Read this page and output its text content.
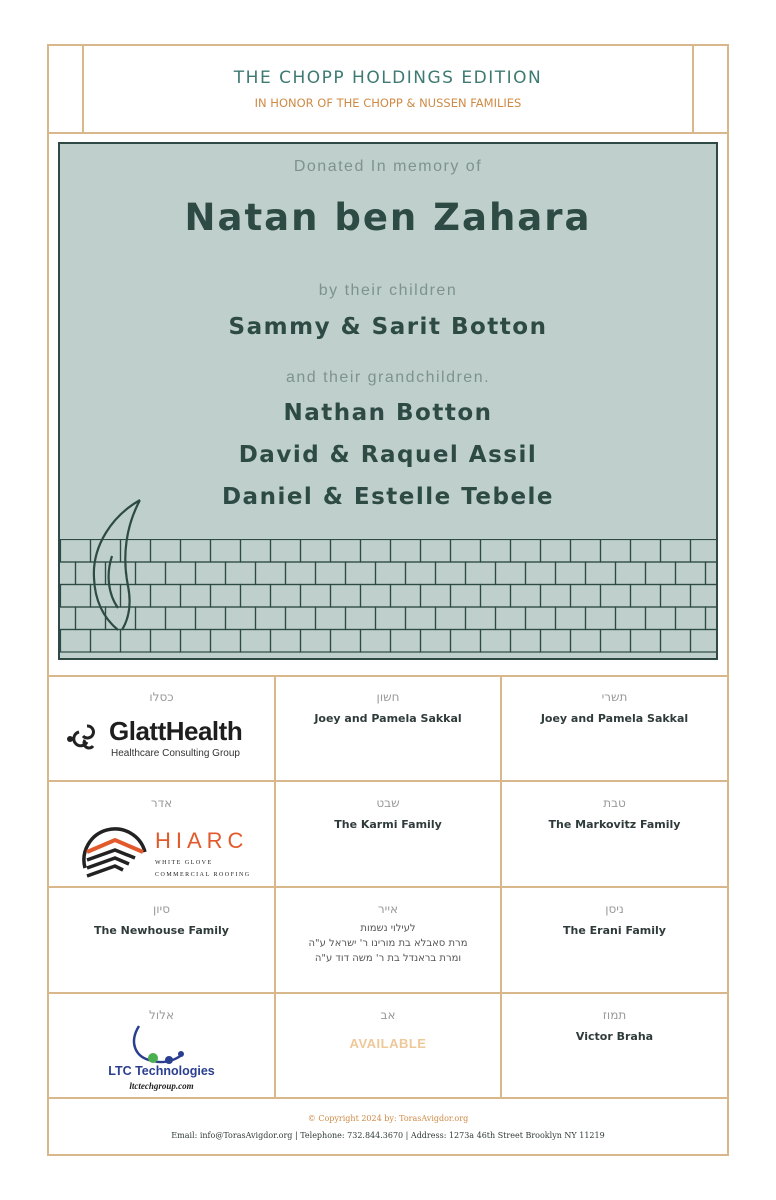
THE CHOPP HOLDINGS EDITION
IN HONOR OF THE CHOPP & NUSSEN FAMILIES
Donated In memory of
Natan ben Zahara
by their children
Sammy & Sarit Botton
and their grandchildren.
Nathan Botton
David & Raquel Assil
Daniel & Estelle Tebele
כסלו
GlattHealth
Healthcare Consulting Group
חשון
Joey and Pamela Sakkal
תשרי
Joey and Pamela Sakkal
אדר
HIARC
WHITE GLOVE
COMMERCIAL ROOFING
שבט
The Karmi Family
טבת
The Markovitz Family
סיון
The Newhouse Family
אייר
לעילוי נשמות
מרת סאבלא בת מורינו ר' ישראל ע"ה
ומרת בראנדל בת ר' משה דוד ע"ה
ניסן
The Erani Family
אלול
LTC Technologies
ltctechgroup.com
אב
AVAILABLE
תמוז
Victor Braha
© Copyright 2024 by: TorasAvigdor.org
Email: info@TorasAvigdor.org | Telephone: 732.844.3670 | Address: 1273a 46th Street Brooklyn NY 11219
